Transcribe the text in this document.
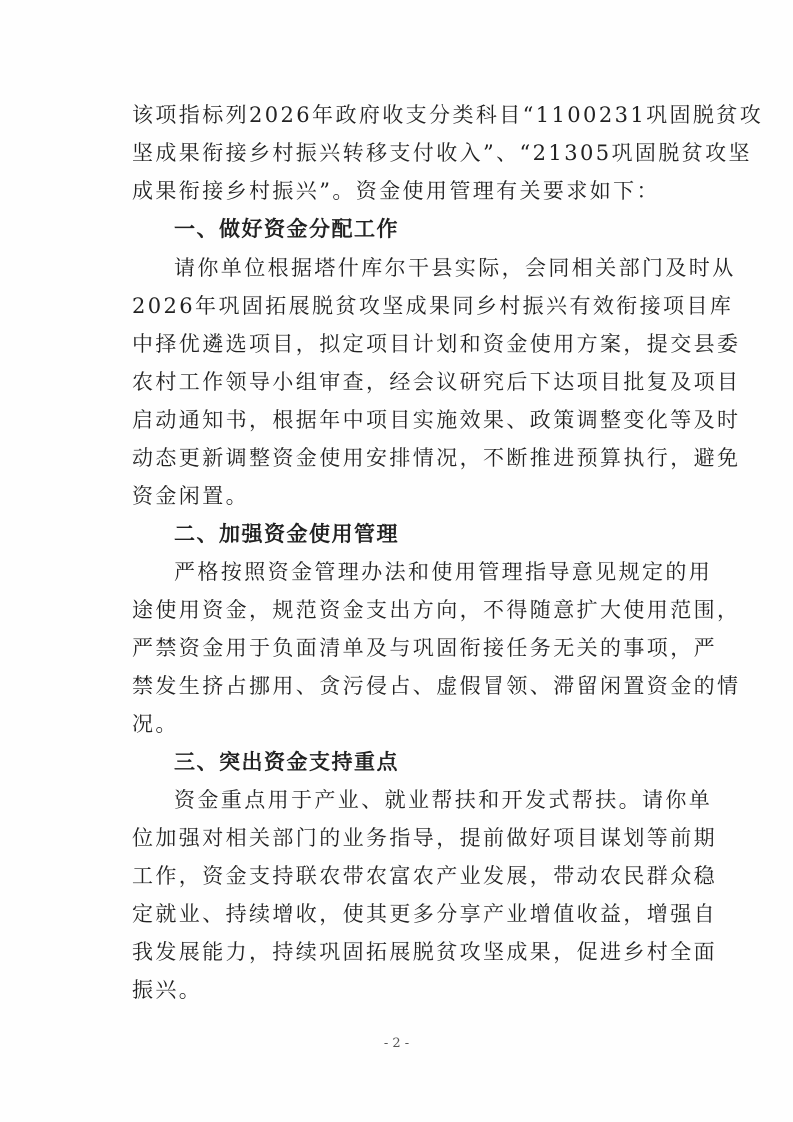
该项指标列2026年政府收支分类科目“1100231巩固脱贫攻
坚成果衔接乡村振兴转移支付收入”、“21305巩固脱贫攻坚
成果衔接乡村振兴”。资金使用管理有关要求如下：
一、做好资金分配工作
请你单位根据塔什库尔干县实际，会同相关部门及时从
2026年巩固拓展脱贫攻坚成果同乡村振兴有效衔接项目库
中择优遴选项目，拟定项目计划和资金使用方案，提交县委
农村工作领导小组审查，经会议研究后下达项目批复及项目
启动通知书，根据年中项目实施效果、政策调整变化等及时
动态更新调整资金使用安排情况，不断推进预算执行，避免
资金闲置。
二、加强资金使用管理
严格按照资金管理办法和使用管理指导意见规定的用
途使用资金，规范资金支出方向，不得随意扩大使用范围，
严禁资金用于负面清单及与巩固衔接任务无关的事项，严
禁发生挤占挪用、贪污侵占、虚假冒领、滞留闲置资金的情
况。
三、突出资金支持重点
资金重点用于产业、就业帮扶和开发式帮扶。请你单
位加强对相关部门的业务指导，提前做好项目谋划等前期
工作，资金支持联农带农富农产业发展，带动农民群众稳
定就业、持续增收，使其更多分享产业增值收益，增强自
我发展能力，持续巩固拓展脱贫攻坚成果，促进乡村全面
振兴。
- 2 -
